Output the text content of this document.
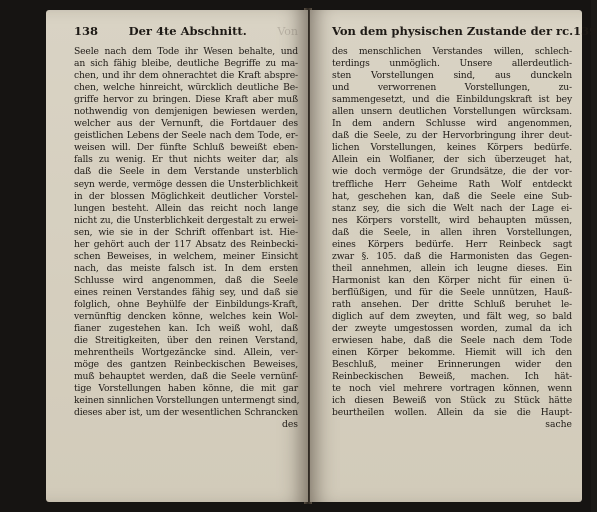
138	Der 4te Abschnitt.	Von
Seele nach dem Tode ihr Wesen behalte, und
an sich fähig bleibe, deutliche Begriffe zu ma-
chen, und ihr dem ohnerachtet die Kraft abspre-
chen, welche hinreicht, würcklich deutliche Be-
griffe hervor zu bringen. Diese Kraft aber muß
nothwendig von demjenigen bewiesen werden,
welcher aus der Vernunft, die Fortdauer des
geistlichen Lebens der Seele nach dem Tode, er-
weisen will. Der fünfte Schluß beweißt eben-
falls zu wenig. Er thut nichts weiter dar, als
daß die Seele in dem Verstande unsterblich
seyn werde, vermöge dessen die Unsterblichkeit
in der blossen Möglichkeit deutlicher Vorstel-
lungen besteht. Allein das reicht noch lange
nicht zu, die Unsterblichkeit dergestalt zu erwei-
sen, wie sie in der Schrift offenbart ist. Hie-
her gehört auch der 117 Absatz des Reinbecki-
schen Beweises, in welchem, meiner Einsicht
nach, das meiste falsch ist. In dem ersten
Schlusse wird angenommen, daß die Seele
eines reinen Verstandes fähig sey, und daß sie
folglich, ohne Beyhülfe der Einbildungs-Kraft,
vernünftig dencken könne, welches kein Wol-
fianer zugestehen kan. Ich weiß wohl, daß
die Streitigkeiten, über den reinen Verstand,
mehrentheils Wortgezäncke sind. Allein, ver-
möge des gantzen Reinbeckischen Beweises,
muß behauptet werden, daß die Seele vernünf-
tige Vorstellungen haben könne, die mit gar
keinen sinnlichen Vorstellungen untermengt sind,
dieses aber ist, um der wesentlichen Schrancken
des
Von dem physischen Zustande der rc. 139
des menschlichen Verstandes willen, schlech-
terdings unmöglich. Unsere allerdeutlich-
sten Vorstellungen sind, aus dunckeln
und verworrenen Vorstellungen, zu-
sammengesetzt, und die Einbildungskraft ist bey
allen unsern deutlichen Vorstellungen würcksam.
In dem andern Schlusse wird angenommen,
daß die Seele, zu der Hervorbringung ihrer deut-
lichen Vorstellungen, keines Körpers bedürfe.
Allein ein Wolfianer, der sich überzeuget hat,
wie doch vermöge der Grundsätze, die der vor-
treffliche Herr Geheime Rath Wolf entdeckt
hat, geschehen kan, daß die Seele eine Sub-
stanz sey, die sich die Welt nach der Lage ei-
nes Körpers vorstellt, wird behaupten müssen,
daß die Seele, in allen ihren Vorstellungen,
eines Körpers bedürfe. Herr Reinbeck sagt
zwar §. 105. daß die Harmonisten das Gegen-
theil annehmen, allein ich leugne dieses. Ein
Harmonist kan den Körper nicht für einen ü-
berflüßigen, und für die Seele unnützen, Hauß-
rath ansehen. Der dritte Schluß beruhet le-
diglich auf dem zweyten, und fält weg, so bald
der zweyte umgestossen worden, zumal da ich
erwiesen habe, daß die Seele nach dem Tode
einen Körper bekomme. Hiemit will ich den
Beschluß, meiner Erinnerungen wider den
Reinbeckischen Beweiß, machen. Ich hät-
te noch viel mehrere vortragen können, wenn
ich diesen Beweiß von Stück zu Stück hätte
beurtheilen wollen. Allein da sie die Haupt-
sache
